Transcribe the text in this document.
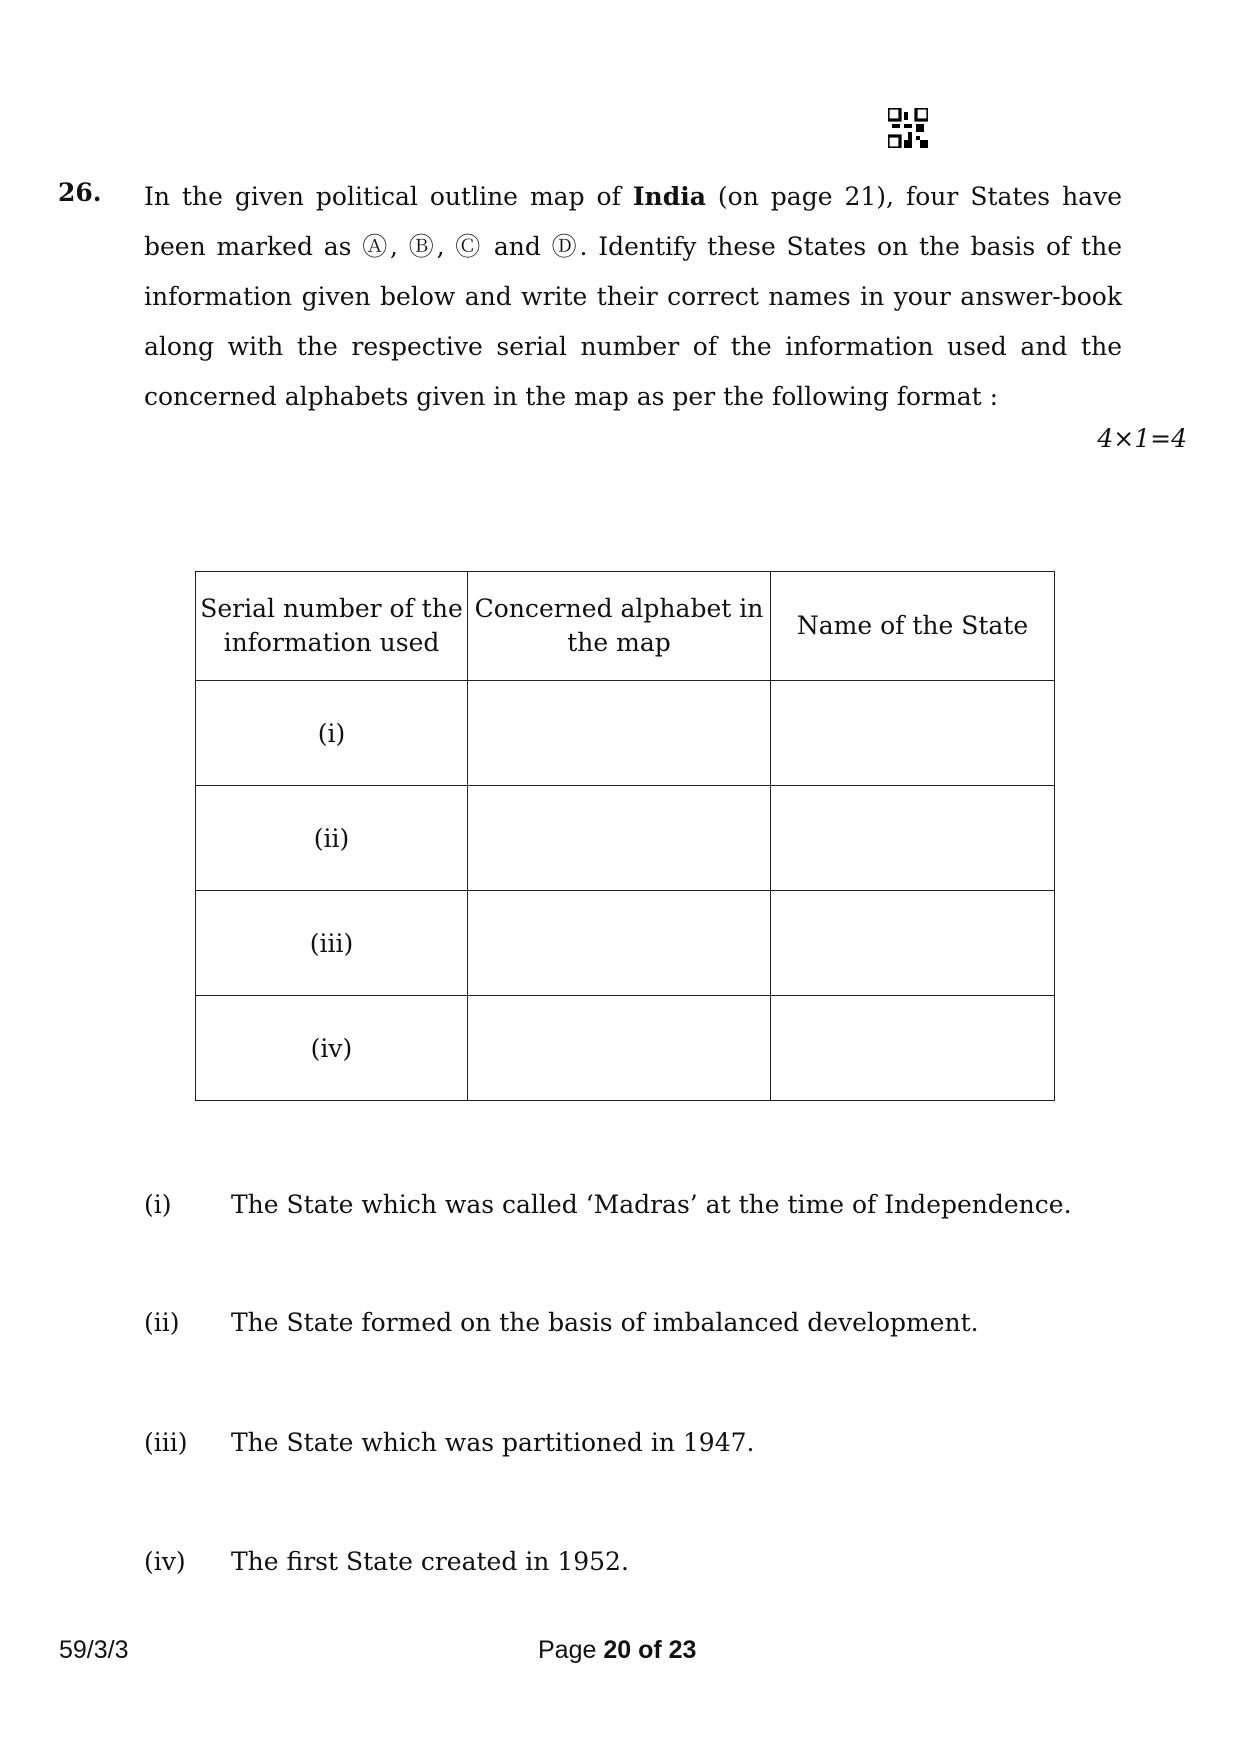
26. In the given political outline map of India (on page 21), four States have been marked as Ⓐ, Ⓑ, Ⓒ and Ⓓ. Identify these States on the basis of the information given below and write their correct names in your answer-book along with the respective serial number of the information used and the concerned alphabets given in the map as per the following format :
4×1=4
Serial number of the information used	Concerned alphabet in the map	Name of the State
(i)		
(ii)		
(iii)		
(iv)		
(i) The State which was called ‘Madras’ at the time of Independence.
(ii) The State formed on the basis of imbalanced development.
(iii) The State which was partitioned in 1947.
(iv) The first State created in 1952.
59/3/3	Page 20 of 23
